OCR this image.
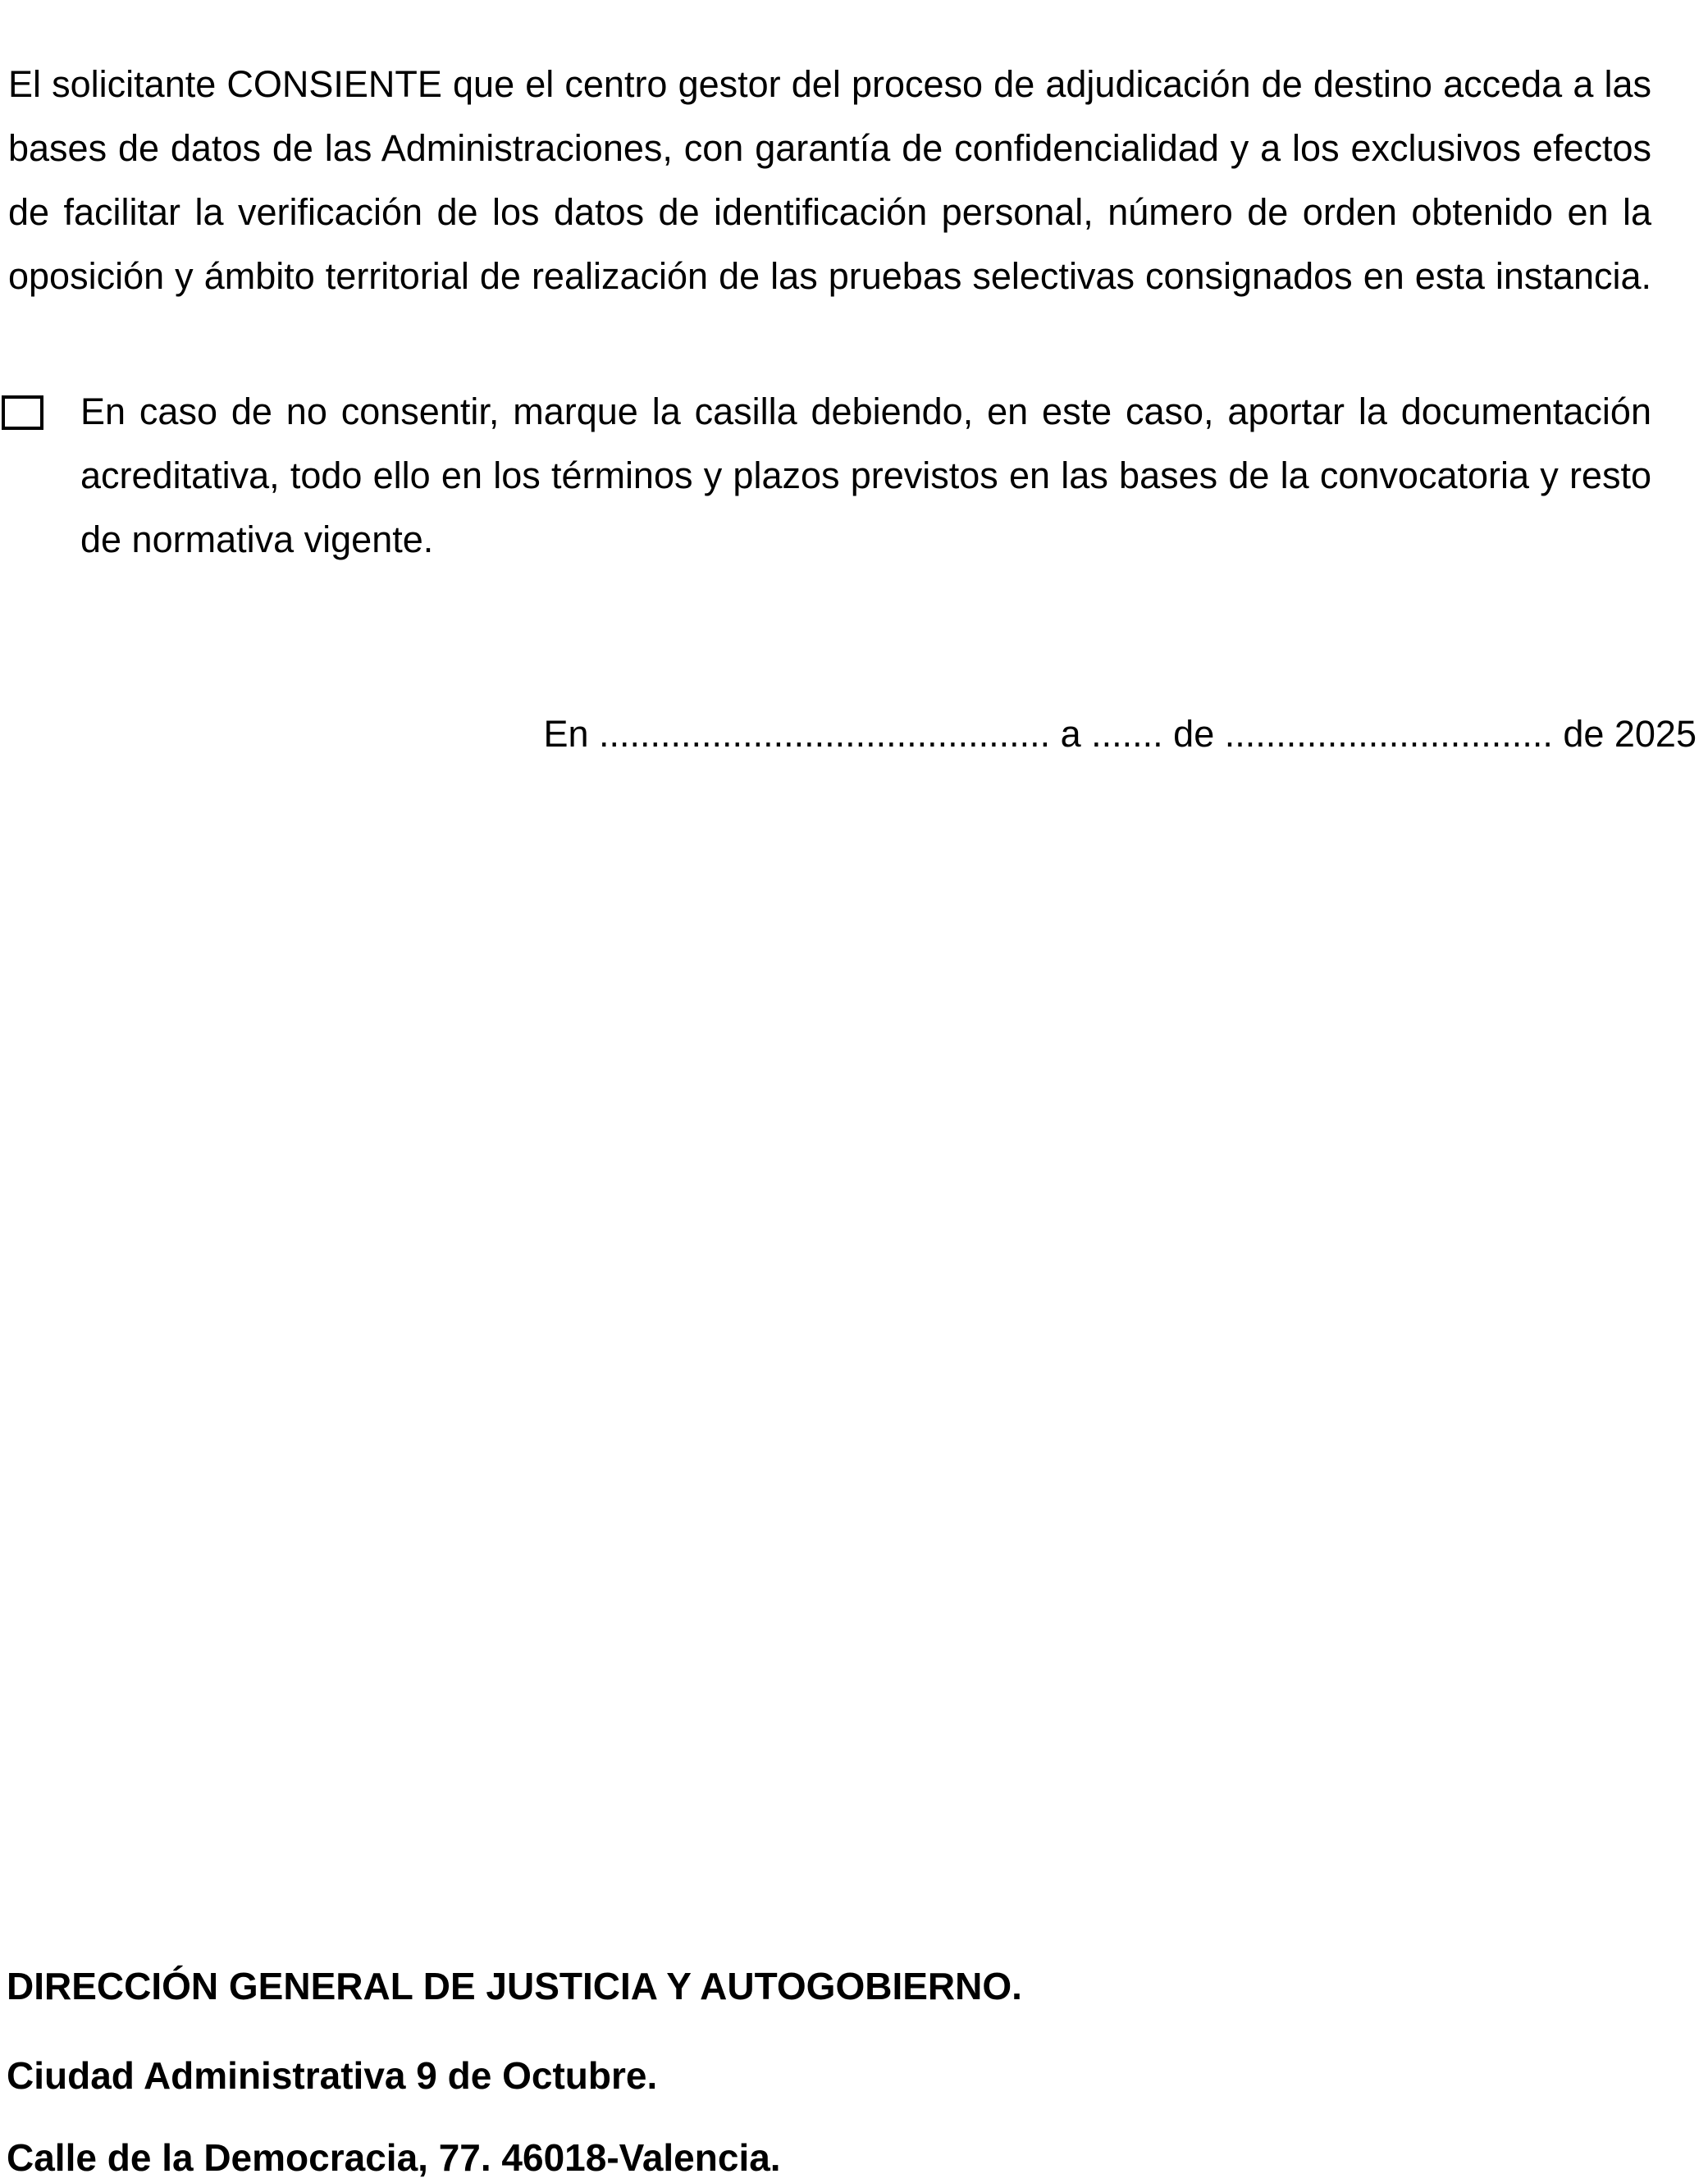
El solicitante CONSIENTE que el centro gestor del proceso de adjudicación de destino acceda a las
bases de datos de las Administraciones, con garantía de confidencialidad y a los exclusivos efectos
de facilitar la verificación de los datos de identificación personal, número de orden obtenido en la
oposición y ámbito territorial de realización de las pruebas selectivas consignados en esta instancia.
En caso de no consentir, marque la casilla debiendo, en este caso, aportar la documentación
acreditativa, todo ello en los términos y plazos previstos en las bases de la convocatoria y resto
de normativa vigente.
En ............................................ a ....... de ................................ de 2025
DIRECCIÓN GENERAL DE JUSTICIA Y AUTOGOBIERNO.
Ciudad Administrativa 9 de Octubre.
Calle de la Democracia, 77. 46018-Valencia.
